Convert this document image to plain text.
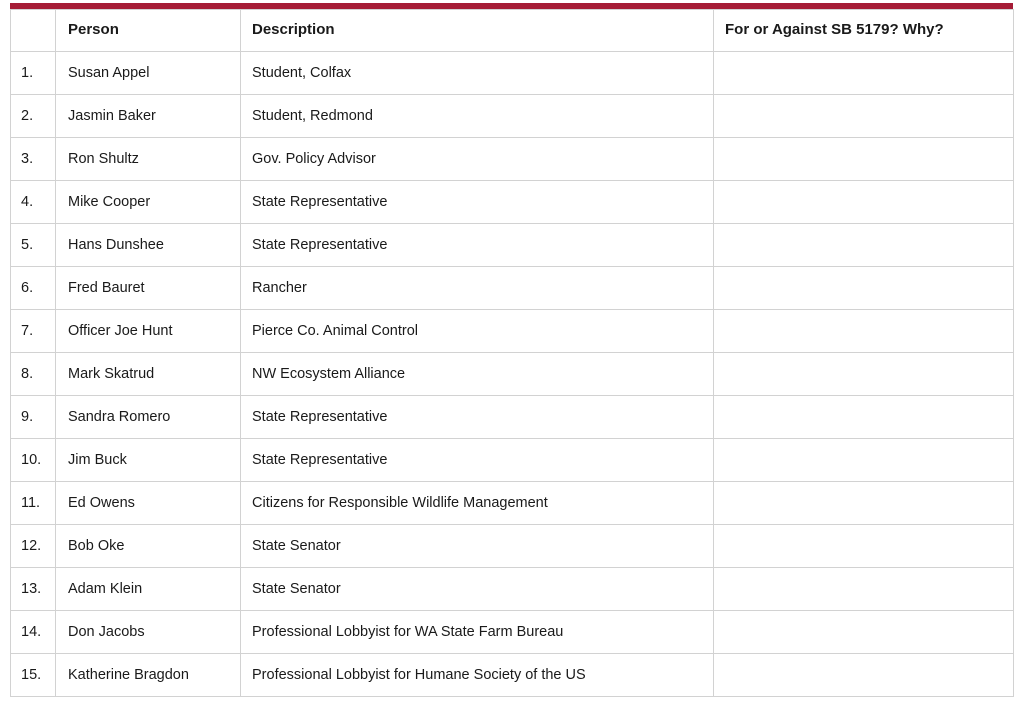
	Person	Description	For or Against SB 5179? Why?
1.	Susan Appel	Student, Colfax	
2.	Jasmin Baker	Student, Redmond	
3.	Ron Shultz	Gov. Policy Advisor	
4.	Mike Cooper	State Representative	
5.	Hans Dunshee	State Representative	
6.	Fred Bauret	Rancher	
7.	Officer Joe Hunt	Pierce Co. Animal Control	
8.	Mark Skatrud	NW Ecosystem Alliance	
9.	Sandra Romero	State Representative	
10.	Jim Buck	State Representative	
11.	Ed Owens	Citizens for Responsible Wildlife Management	
12.	Bob Oke	State Senator	
13.	Adam Klein	State Senator	
14.	Don Jacobs	Professional Lobbyist for WA State Farm Bureau	
15.	Katherine Bragdon	Professional Lobbyist for Humane Society of the US	
